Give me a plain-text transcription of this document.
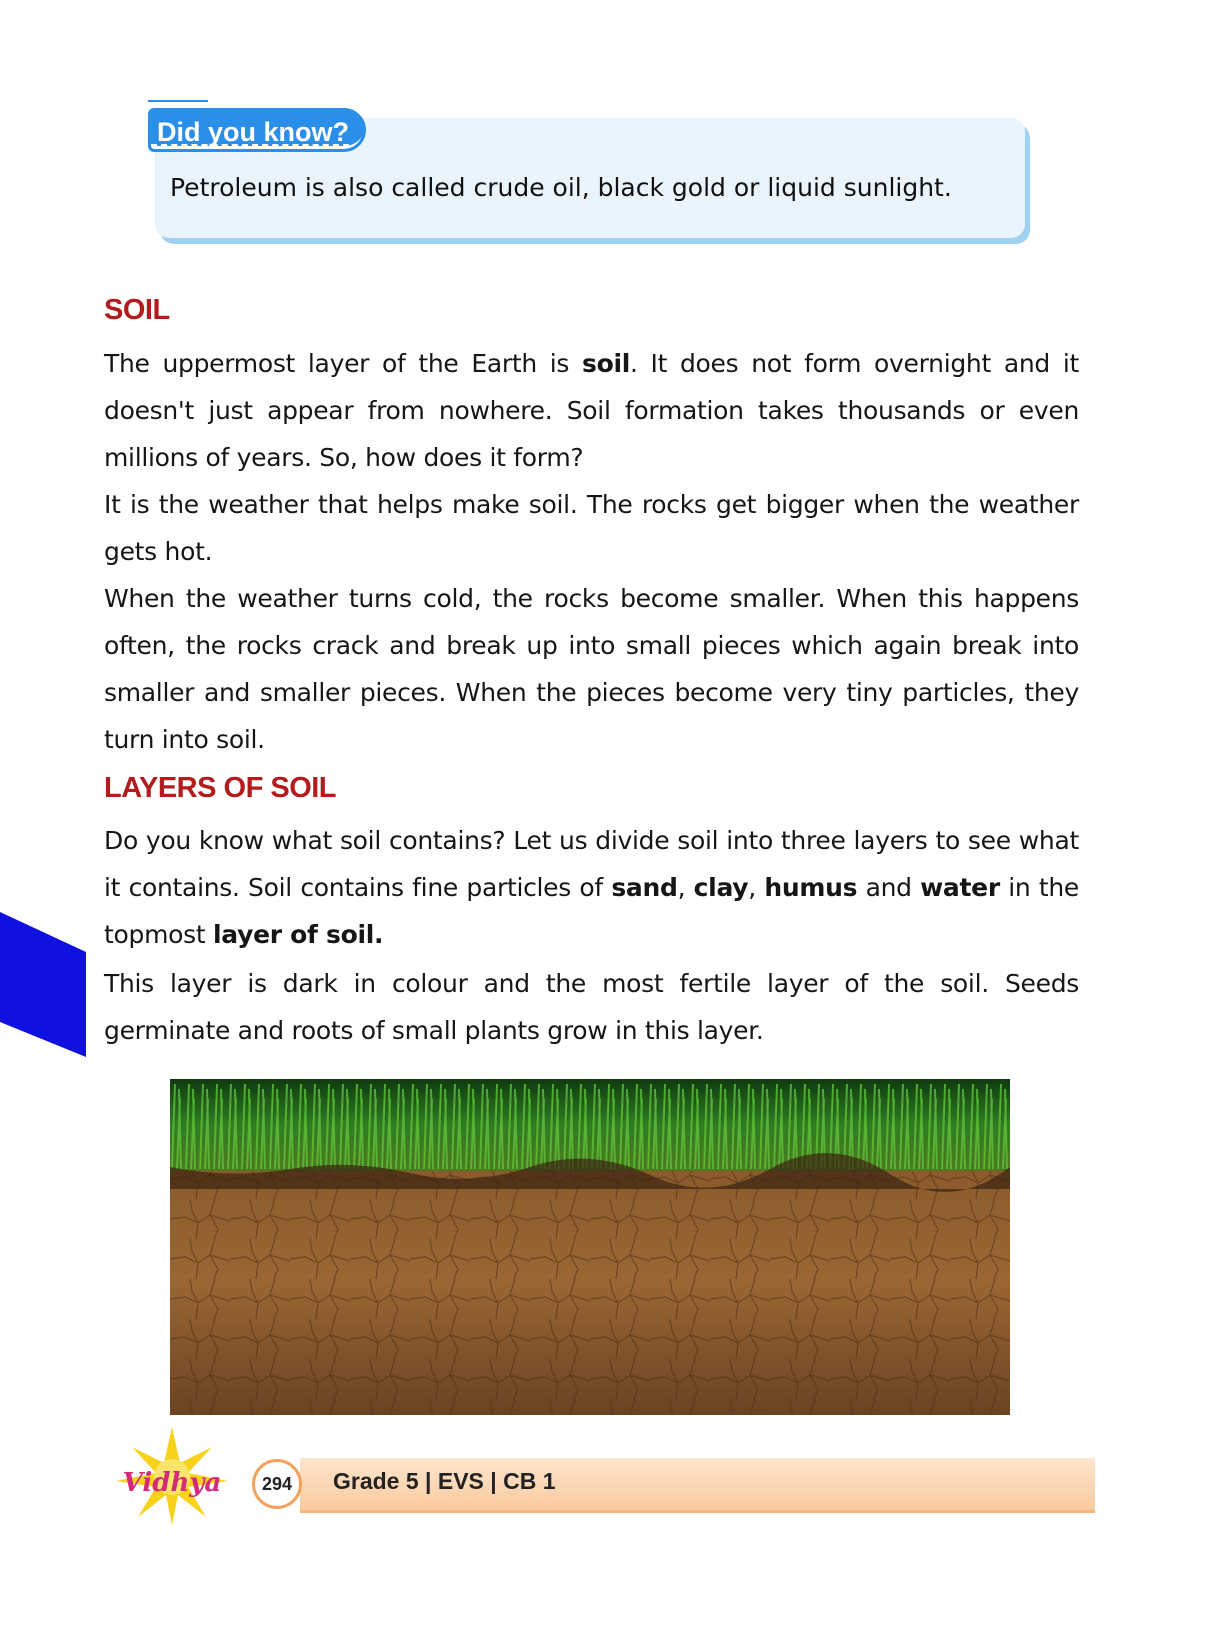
Did you know?
Petroleum is also called crude oil, black gold or liquid sunlight.
SOIL
The uppermost layer of the Earth is soil. It does not form overnight and it doesn't just appear from nowhere. Soil formation takes thousands or even millions of years. So, how does it form?
It is the weather that helps make soil. The rocks get bigger when the weather gets hot.
When the weather turns cold, the rocks become smaller. When this happens often, the rocks crack and break up into small pieces which again break into smaller and smaller pieces. When the pieces become very tiny particles, they turn into soil.
LAYERS OF SOIL
Do you know what soil contains? Let us divide soil into three layers to see what it contains. Soil contains fine particles of sand, clay, humus and water in the topmost layer of soil.
This layer is dark in colour and the most fertile layer of the soil. Seeds germinate and roots of small plants grow in this layer.
Vidhya	294	Grade 5 | EVS | CB 1
